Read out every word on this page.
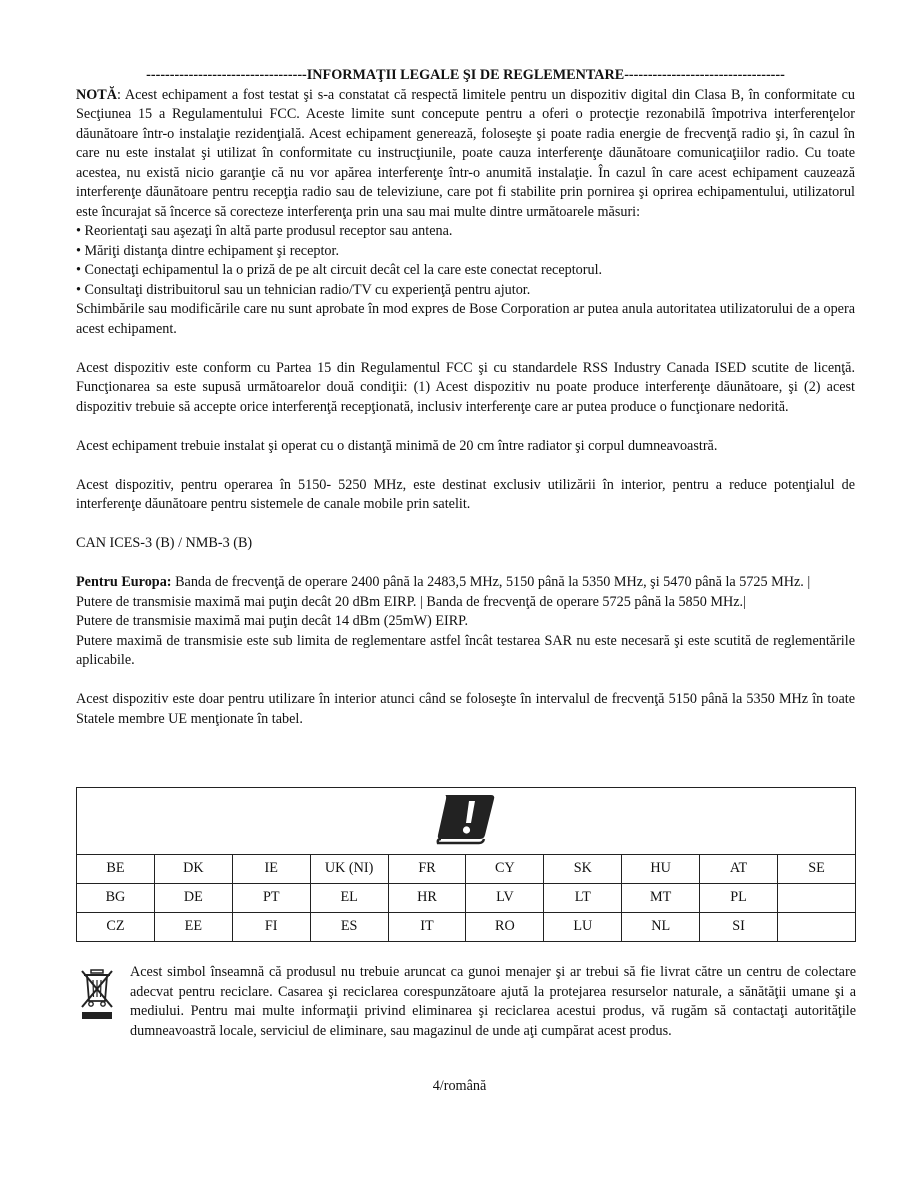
----------------------------------INFORMAŢII LEGALE ŞI DE REGLEMENTARE----------------------------------

NOTĂ: Acest echipament a fost testat şi s-a constatat că respectă limitele pentru un dispozitiv digital din Clasa B, în conformitate cu Secţiunea 15 a Regulamentului FCC. Aceste limite sunt concepute pentru a oferi o protecţie rezonabilă împotriva interferenţelor dăunătoare într-o instalaţie rezidenţială. Acest echipament generează, foloseşte şi poate radia energie de frecvenţă radio şi, în cazul în care nu este instalat şi utilizat în conformitate cu instrucţiunile, poate cauza interferenţe dăunătoare comunicaţiilor radio. Cu toate acestea, nu există nicio garanţie că nu vor apărea interferenţe într-o anumită instalaţie. În cazul în care acest echipament cauzează interferenţe dăunătoare pentru recepţia radio sau de televiziune, care pot fi stabilite prin pornirea şi oprirea echipamentului, utilizatorul este încurajat să încerce să corecteze interferenţa prin una sau mai multe dintre următoarele măsuri:

• Reorientaţi sau aşezaţi în altă parte produsul receptor sau antena.

• Măriţi distanţa dintre echipament şi receptor.

• Conectaţi echipamentul la o priză de pe alt circuit decât cel la care este conectat receptorul.

• Consultaţi distribuitorul sau un tehnician radio/TV cu experienţă pentru ajutor.

Schimbările sau modificările care nu sunt aprobate în mod expres de Bose Corporation ar putea anula autoritatea utilizatorului de a opera acest echipament.

Acest dispozitiv este conform cu Partea 15 din Regulamentul FCC şi cu standardele RSS Industry Canada ISED scutite de licenţă. Funcţionarea sa este supusă următoarelor două condiţii: (1) Acest dispozitiv nu poate produce interferenţe dăunătoare, şi (2) acest dispozitiv trebuie să accepte orice interferenţă recepţionată, inclusiv interferenţe care ar putea produce o funcţionare nedorită.

Acest echipament trebuie instalat şi operat cu o distanţă minimă de 20 cm între radiator şi corpul dumneavoastră.

Acest dispozitiv, pentru operarea în 5150- 5250 MHz, este destinat exclusiv utilizării în interior, pentru a reduce potenţialul de interferenţe dăunătoare pentru sistemele de canale mobile prin satelit.

CAN ICES-3 (B) / NMB-3 (B)

Pentru Europa: Banda de frecvenţă de operare 2400 până la 2483,5 MHz, 5150 până la 5350 MHz, şi 5470 până la 5725 MHz. |

Putere de transmisie maximă mai puţin decât 20 dBm EIRP. | Banda de frecvenţă de operare 5725 până la 5850 MHz.|

Putere de transmisie maximă mai puţin decât 14 dBm (25mW) EIRP.

Putere maximă de transmisie este sub limita de reglementare astfel încât testarea SAR nu este necesară şi este scutită de reglementările aplicabile.

Acest dispozitiv este doar pentru utilizare în interior atunci când se foloseşte în intervalul de frecvenţă 5150 până la 5350 MHz în toate Statele membre UE menţionate în tabel.

BE	DK	IE	UK (NI)	FR	CY	SK	HU	AT	SE
BG	DE	PT	EL	HR	LV	LT	MT	PL	
CZ	EE	FI	ES	IT	RO	LU	NL	SI	

Acest simbol înseamnă că produsul nu trebuie aruncat ca gunoi menajer şi ar trebui să fie livrat către un centru de colectare adecvat pentru reciclare. Casarea şi reciclarea corespunzătoare ajută la protejarea resurselor naturale, a sănătăţii umane şi a mediului. Pentru mai multe informaţii privind eliminarea şi reciclarea acestui produs, vă rugăm să contactaţi autorităţile dumneavoastră locale, serviciul de eliminare, sau magazinul de unde aţi cumpărat acest produs.

4/română
